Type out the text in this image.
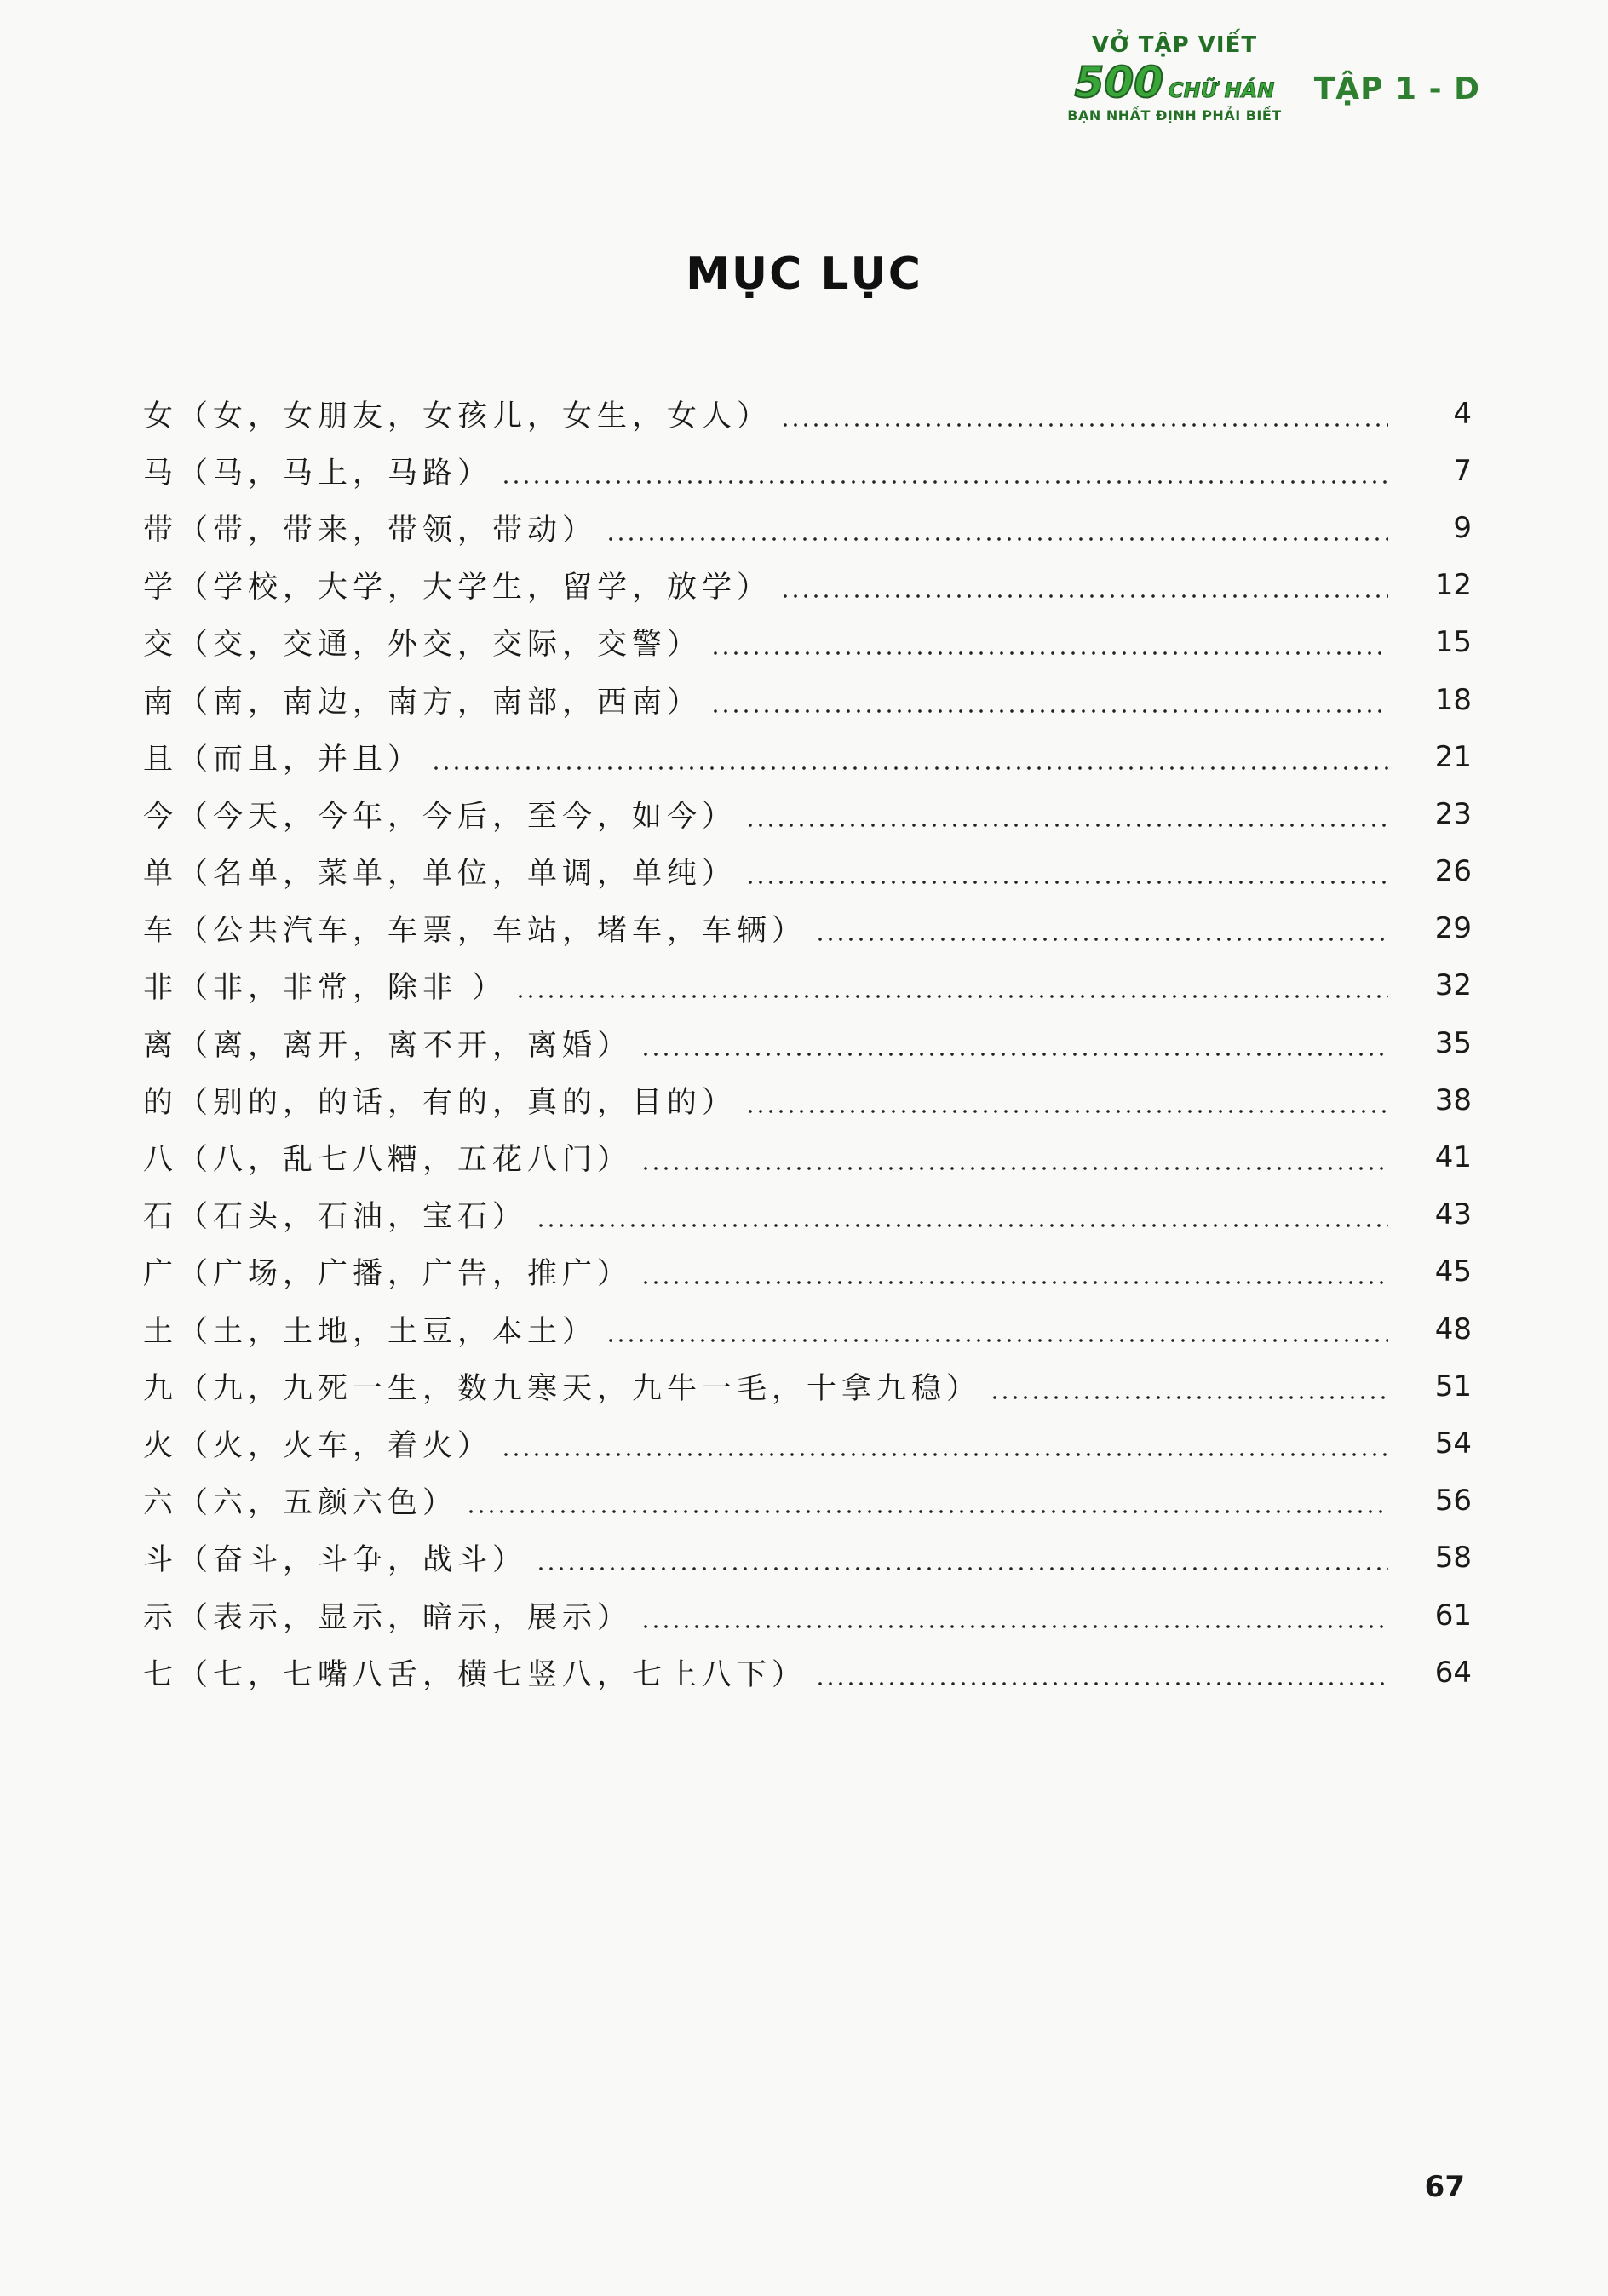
VỞ TẬP VIẾT
500 CHỮ HÁN
BẠN NHẤT ĐỊNH PHẢI BIẾT
TẬP 1 - D
MỤC LỤC
女（女，女朋友，女孩儿，女生，女人）	4
马（马，马上，马路）	7
带（带，带来，带领，带动）	9
学（学校，大学，大学生，留学，放学）	12
交（交，交通，外交，交际，交警）	15
南（南，南边，南方，南部，西南）	18
且（而且，并且）	21
今（今天，今年，今后，至今，如今）	23
单（名单，菜单，单位，单调，单纯）	26
车（公共汽车，车票，车站，堵车，车辆）	29
非（非，非常，除非 ）	32
离（离，离开，离不开，离婚）	35
的（别的，的话，有的，真的，目的）	38
八（八，乱七八糟，五花八门）	41
石（石头，石油，宝石）	43
广（广场，广播，广告，推广）	45
土（土，土地，土豆，本土）	48
九（九，九死一生，数九寒天，九牛一毛，十拿九稳）	51
火（火，火车，着火）	54
六（六，五颜六色）	56
斗（奋斗，斗争，战斗）	58
示（表示，显示，暗示，展示）	61
七（七，七嘴八舌，横七竖八，七上八下）	64
67
